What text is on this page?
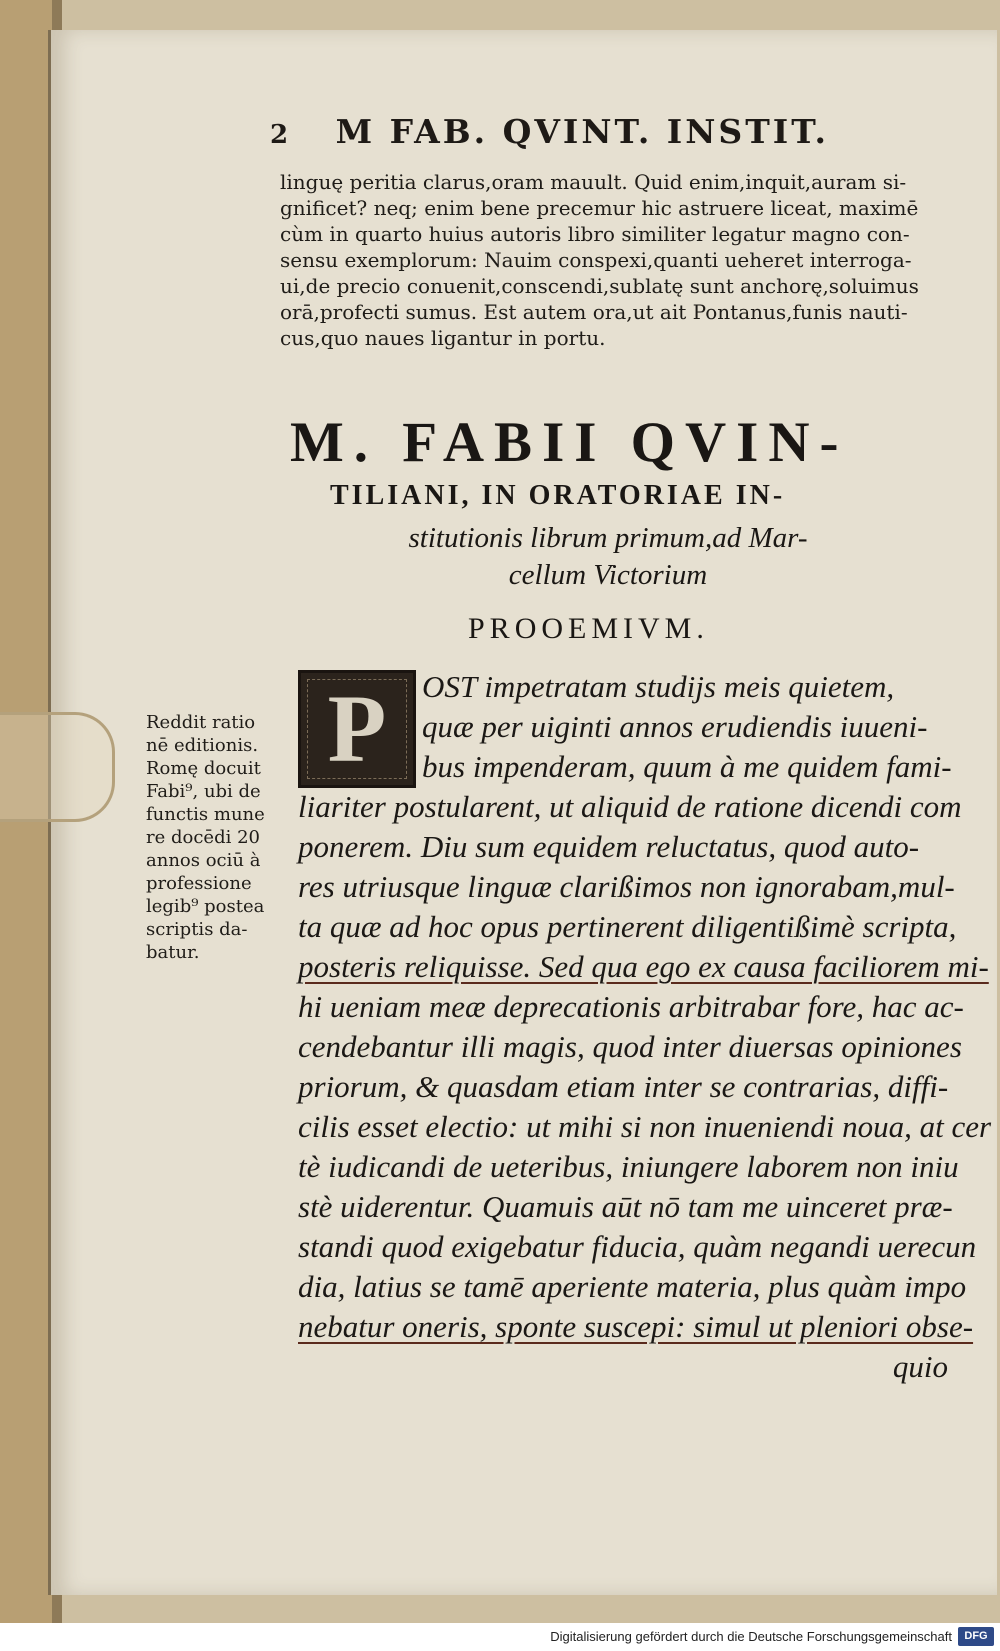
2 M FAB. QVINT. INSTIT.
linguę peritia clarus,oram mauult. Quid enim,inquit,auram si-
gnificet? neq; enim bene precemur hic astruere liceat, maximē
cùm in quarto huius autoris libro similiter legatur magno con-
sensu exemplorum: Nauim conspexi,quanti ueheret interroga-
ui,de precio conuenit,conscendi,sublatę sunt anchorę,soluimus
orā,profecti sumus. Est autem ora,ut ait Pontanus,funis nauti-
cus,quo naues ligantur in portu.
M. FABII QVIN-
TILIANI, IN ORATORIAE IN-
stitutionis librum primum,ad Mar-
cellum Victorium
PROOEMIVM.
P	OST impetratam studijs meis quietem,
quæ per uiginti annos erudiendis iuueni-
bus impenderam, quum à me quidem fami-
liariter postularent, ut aliquid de ratione dicendi com
ponerem. Diu sum equidem reluctatus, quod auto-
res utriusque linguæ clarißimos non ignorabam,mul-
ta quæ ad hoc opus pertinerent diligentißimè scripta,
posteris reliquisse. Sed qua ego ex causa faciliorem mi-
hi ueniam meæ deprecationis arbitrabar fore, hac ac-
cendebantur illi magis, quod inter diuersas opiniones
priorum, & quasdam etiam inter se contrarias, diffi-
cilis esset electio: ut mihi si non inueniendi noua, at cer
tè iudicandi de ueteribus, iniungere laborem non iniu
stè uiderentur. Quamuis aūt nō tam me uinceret præ-
standi quod exigebatur fiducia, quàm negandi uerecun
dia, latius se tamē aperiente materia, plus quàm impo
nebatur oneris, sponte suscepi: simul ut pleniori obse-
quio
Reddit ratio
nē editionis.
Romę docuit
Fabi⁹, ubi de
functis mune
re docēdi 20
annos ociū à
professione
legib⁹ postea
scriptis da-
batur.
Digitalisierung gefördert durch die Deutsche Forschungsgemeinschaft	DFG
